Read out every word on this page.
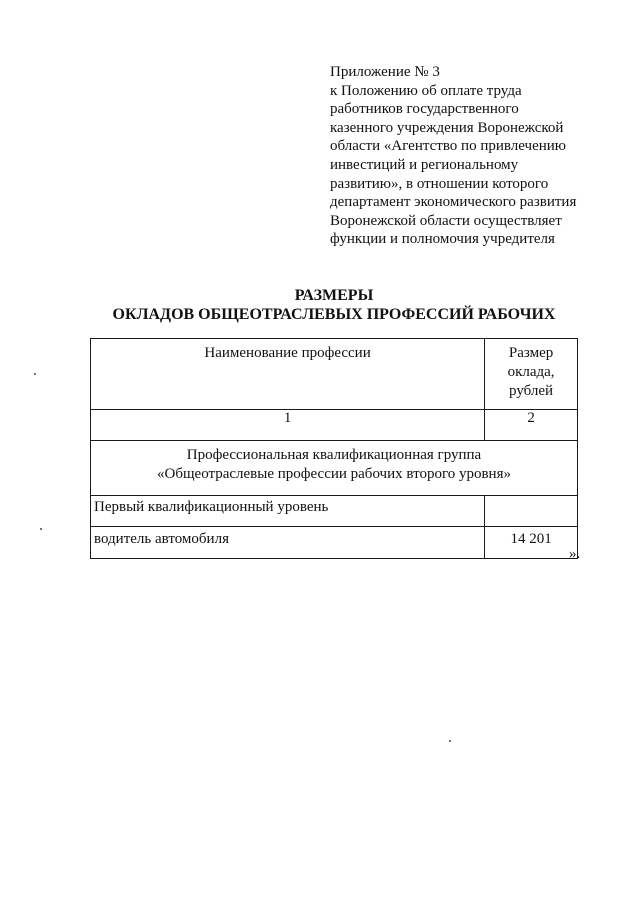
Приложение № 3
к Положению об оплате труда
работников государственного
казенного учреждения Воронежской
области «Агентство по привлечению
инвестиций и региональному
развитию», в отношении которого
департамент экономического развития
Воронежской области осуществляет
функции и полномочия учредителя
РАЗМЕРЫ
ОКЛАДОВ ОБЩЕОТРАСЛЕВЫХ ПРОФЕССИЙ РАБОЧИХ
Наименование профессии	Размер
оклада,
рублей

1	2

Профессиональная квалификационная группа
«Общеотраслевые профессии рабочих второго уровня»	

Первый квалификационный уровень	
водитель автомобиля	14 201
».
